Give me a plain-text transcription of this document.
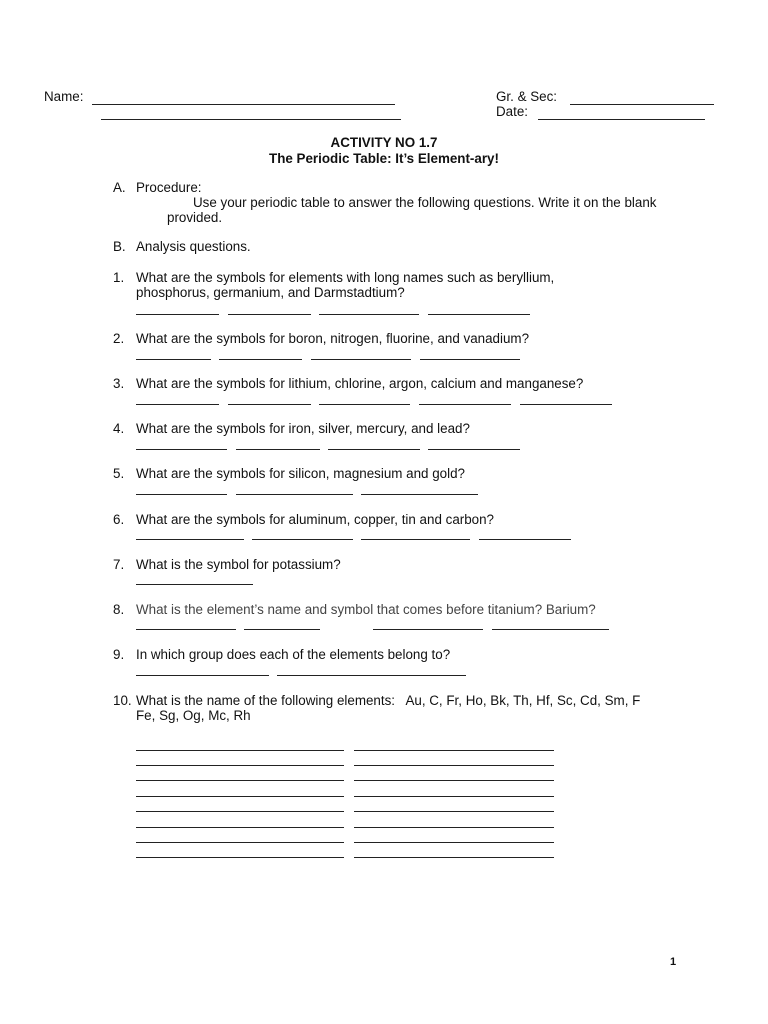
Name:	Gr. & Sec:
Date:
ACTIVITY NO 1.7
The Periodic Table: It’s Element-ary!
A. Procedure:
Use your periodic table to answer the following questions. Write it on the blank
provided.
B. Analysis questions.
1. What are the symbols for elements with long names such as beryllium,
phosphorus, germanium, and Darmstadtium?
2. What are the symbols for boron, nitrogen, fluorine, and vanadium?
3. What are the symbols for lithium, chlorine, argon, calcium and manganese?
4. What are the symbols for iron, silver, mercury, and lead?
5. What are the symbols for silicon, magnesium and gold?
6. What are the symbols for aluminum, copper, tin and carbon?
7. What is the symbol for potassium?
8. What is the element’s name and symbol that comes before titanium? Barium?
9. In which group does each of the elements belong to?
10. What is the name of the following elements:   Au, C, Fr, Ho, Bk, Th, Hf, Sc, Cd, Sm, F
Fe, Sg, Og, Mc, Rh
1
